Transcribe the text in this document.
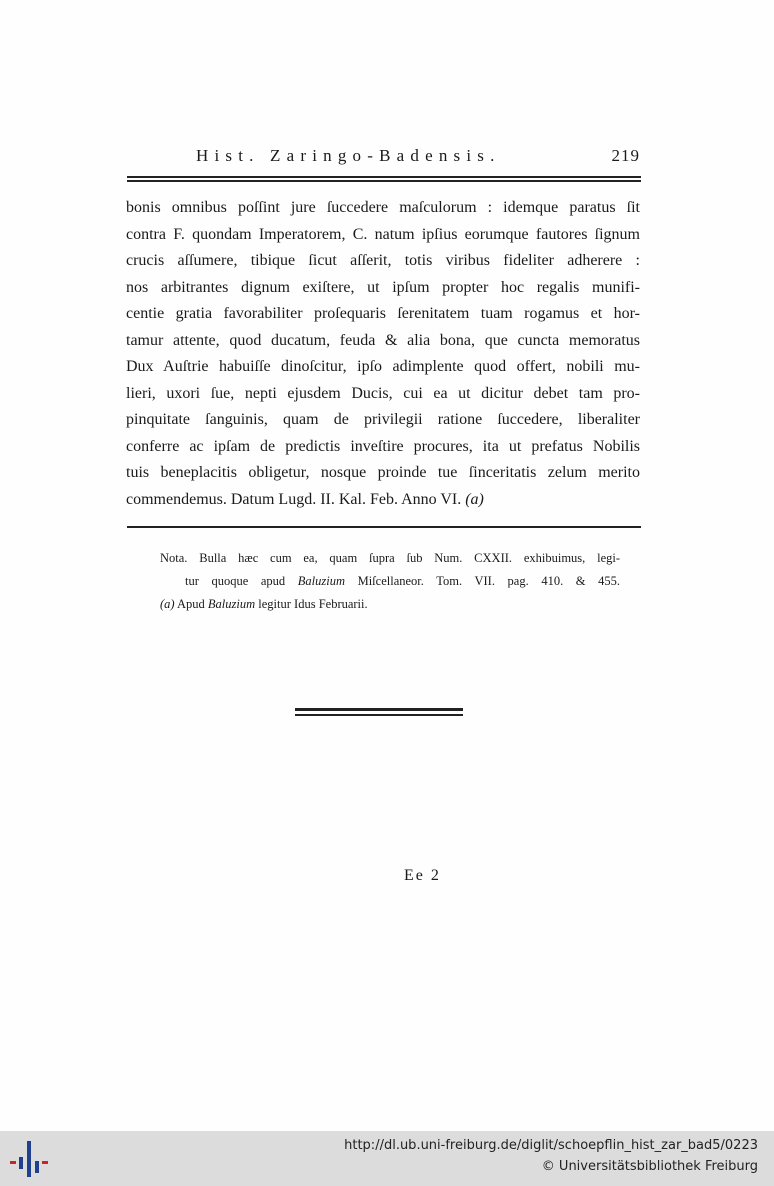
Hist. Zaringo-Badensis.	219
bonis omnibus poſſint jure ſuccedere maſculorum : idemque paratus ſit
contra F. quondam Imperatorem, C. natum ipſius eorumque fautores ſignum
crucis aſſumere, tibique ſicut aſſerit, totis viribus fideliter adherere :
nos arbitrantes dignum exiſtere, ut ipſum propter hoc regalis munifi-
centie gratia favorabiliter proſequaris ſerenitatem tuam rogamus et hor-
tamur attente, quod ducatum, feuda & alia bona, que cuncta memoratus
Dux Auſtrie habuiſſe dinoſcitur, ipſo adimplente quod offert, nobili mu-
lieri, uxori ſue, nepti ejusdem Ducis, cui ea ut dicitur debet tam pro-
pinquitate ſanguinis, quam de privilegii ratione ſuccedere, liberaliter
conferre ac ipſam de predictis inveſtire procures, ita ut prefatus Nobilis
tuis beneplacitis obligetur, nosque proinde tue ſinceritatis zelum merito
commendemus. Datum Lugd. II. Kal. Feb. Anno VI. (a)
Nota. Bulla hæc cum ea, quam ſupra ſub Num. CXXII. exhibuimus, legi-
tur quoque apud Baluzium Miſcellaneor. Tom. VII. pag. 410. & 455.
(a) Apud Baluzium legitur Idus Februarii.
Ee 2
http://dl.ub.uni-freiburg.de/diglit/schoepflin_hist_zar_bad5/0223
© Universitätsbibliothek Freiburg
